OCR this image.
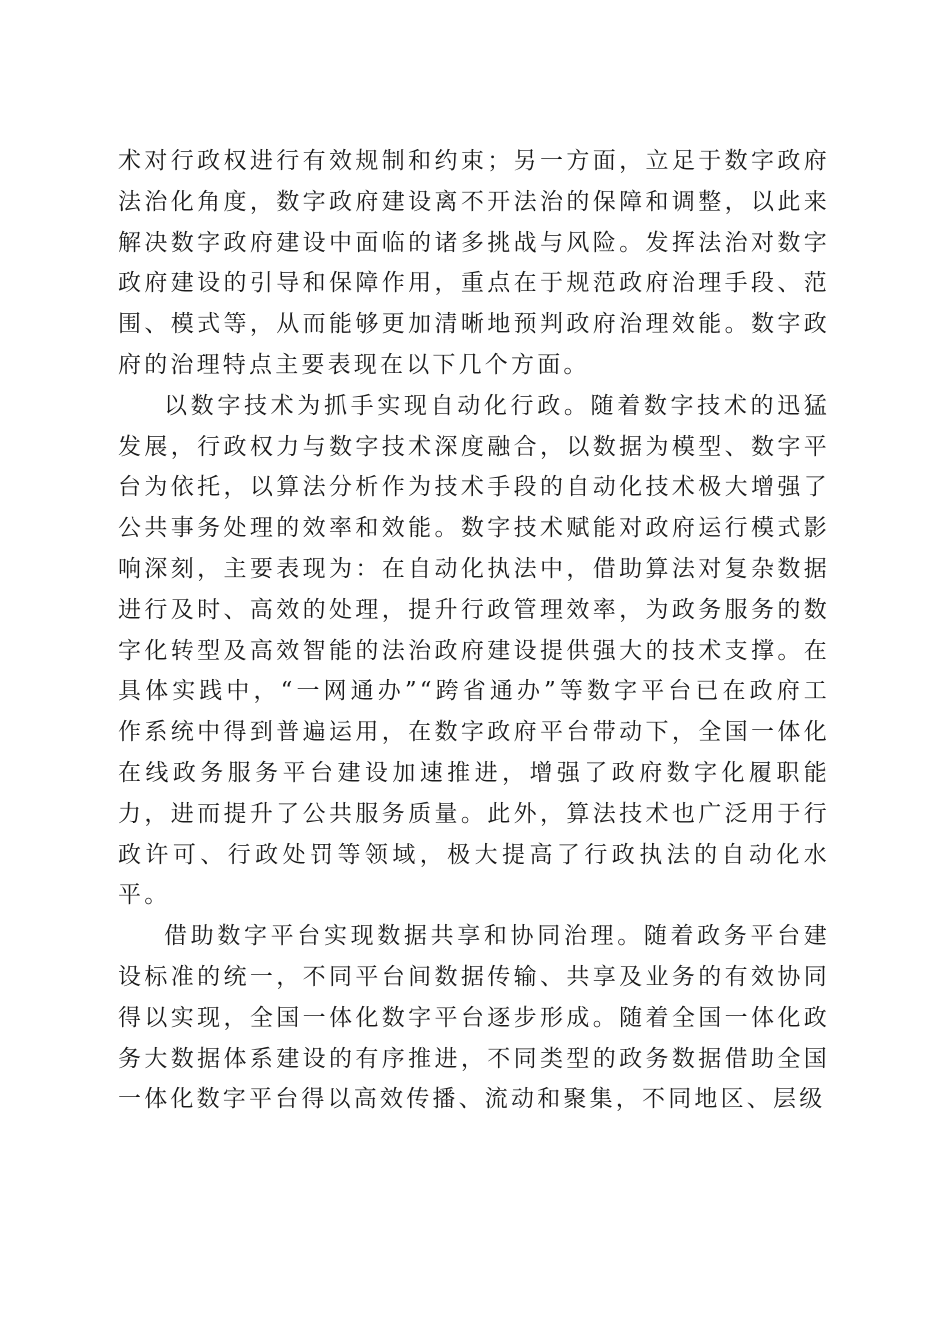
术对行政权进行有效规制和约束；另一方面，立足于数字政府法治化角度，数字政府建设离不开法治的保障和调整，以此来解决数字政府建设中面临的诸多挑战与风险。发挥法治对数字政府建设的引导和保障作用，重点在于规范政府治理手段、范围、模式等，从而能够更加清晰地预判政府治理效能。数字政府的治理特点主要表现在以下几个方面。

以数字技术为抓手实现自动化行政。随着数字技术的迅猛发展，行政权力与数字技术深度融合，以数据为模型、数字平台为依托，以算法分析作为技术手段的自动化技术极大增强了公共事务处理的效率和效能。数字技术赋能对政府运行模式影响深刻，主要表现为：在自动化执法中，借助算法对复杂数据进行及时、高效的处理，提升行政管理效率，为政务服务的数字化转型及高效智能的法治政府建设提供强大的技术支撑。在具体实践中，“一网通办”“跨省通办”等数字平台已在政府工作系统中得到普遍运用，在数字政府平台带动下，全国一体化在线政务服务平台建设加速推进，增强了政府数字化履职能力，进而提升了公共服务质量。此外，算法技术也广泛用于行政许可、行政处罚等领域，极大提高了行政执法的自动化水平。

借助数字平台实现数据共享和协同治理。随着政务平台建设标准的统一，不同平台间数据传输、共享及业务的有效协同得以实现，全国一体化数字平台逐步形成。随着全国一体化政务大数据体系建设的有序推进，不同类型的政务数据借助全国一体化数字平台得以高效传播、流动和聚集，不同地区、层级
